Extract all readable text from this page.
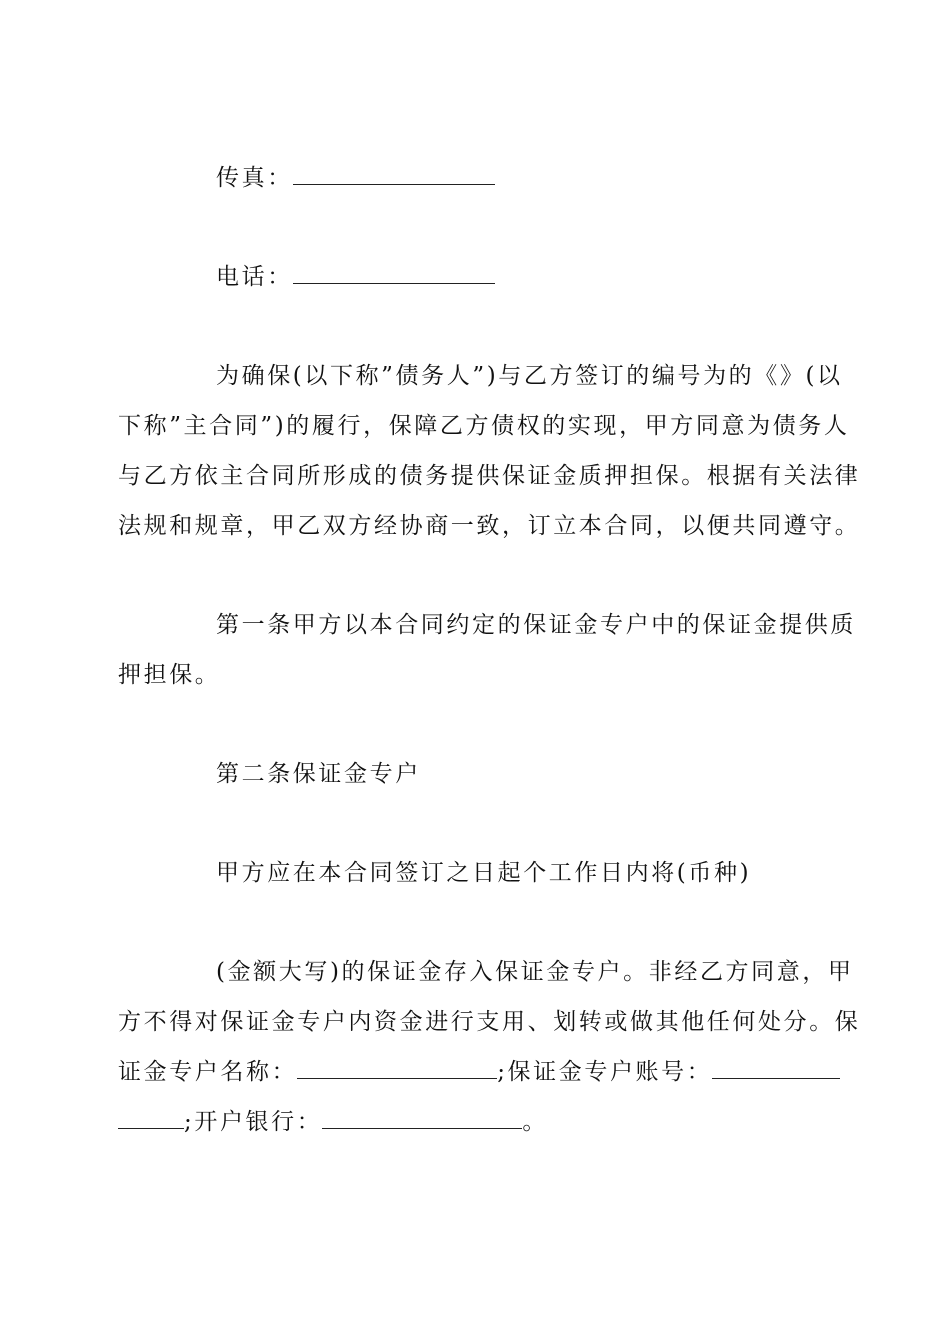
传真：
电话：
为确保(以下称”债务人”)与乙方签订的编号为的《》(以
下称”主合同”)的履行，保障乙方债权的实现，甲方同意为债务人
与乙方依主合同所形成的债务提供保证金质押担保。根据有关法律
法规和规章，甲乙双方经协商一致，订立本合同，以便共同遵守。
第一条甲方以本合同约定的保证金专户中的保证金提供质
押担保。
第二条保证金专户
甲方应在本合同签订之日起个工作日内将(币种)
(金额大写)的保证金存入保证金专户。非经乙方同意，甲
方不得对保证金专户内资金进行支用、划转或做其他任何处分。保
证金专户名称：	;保证金专户账号：
;开户银行：	。
